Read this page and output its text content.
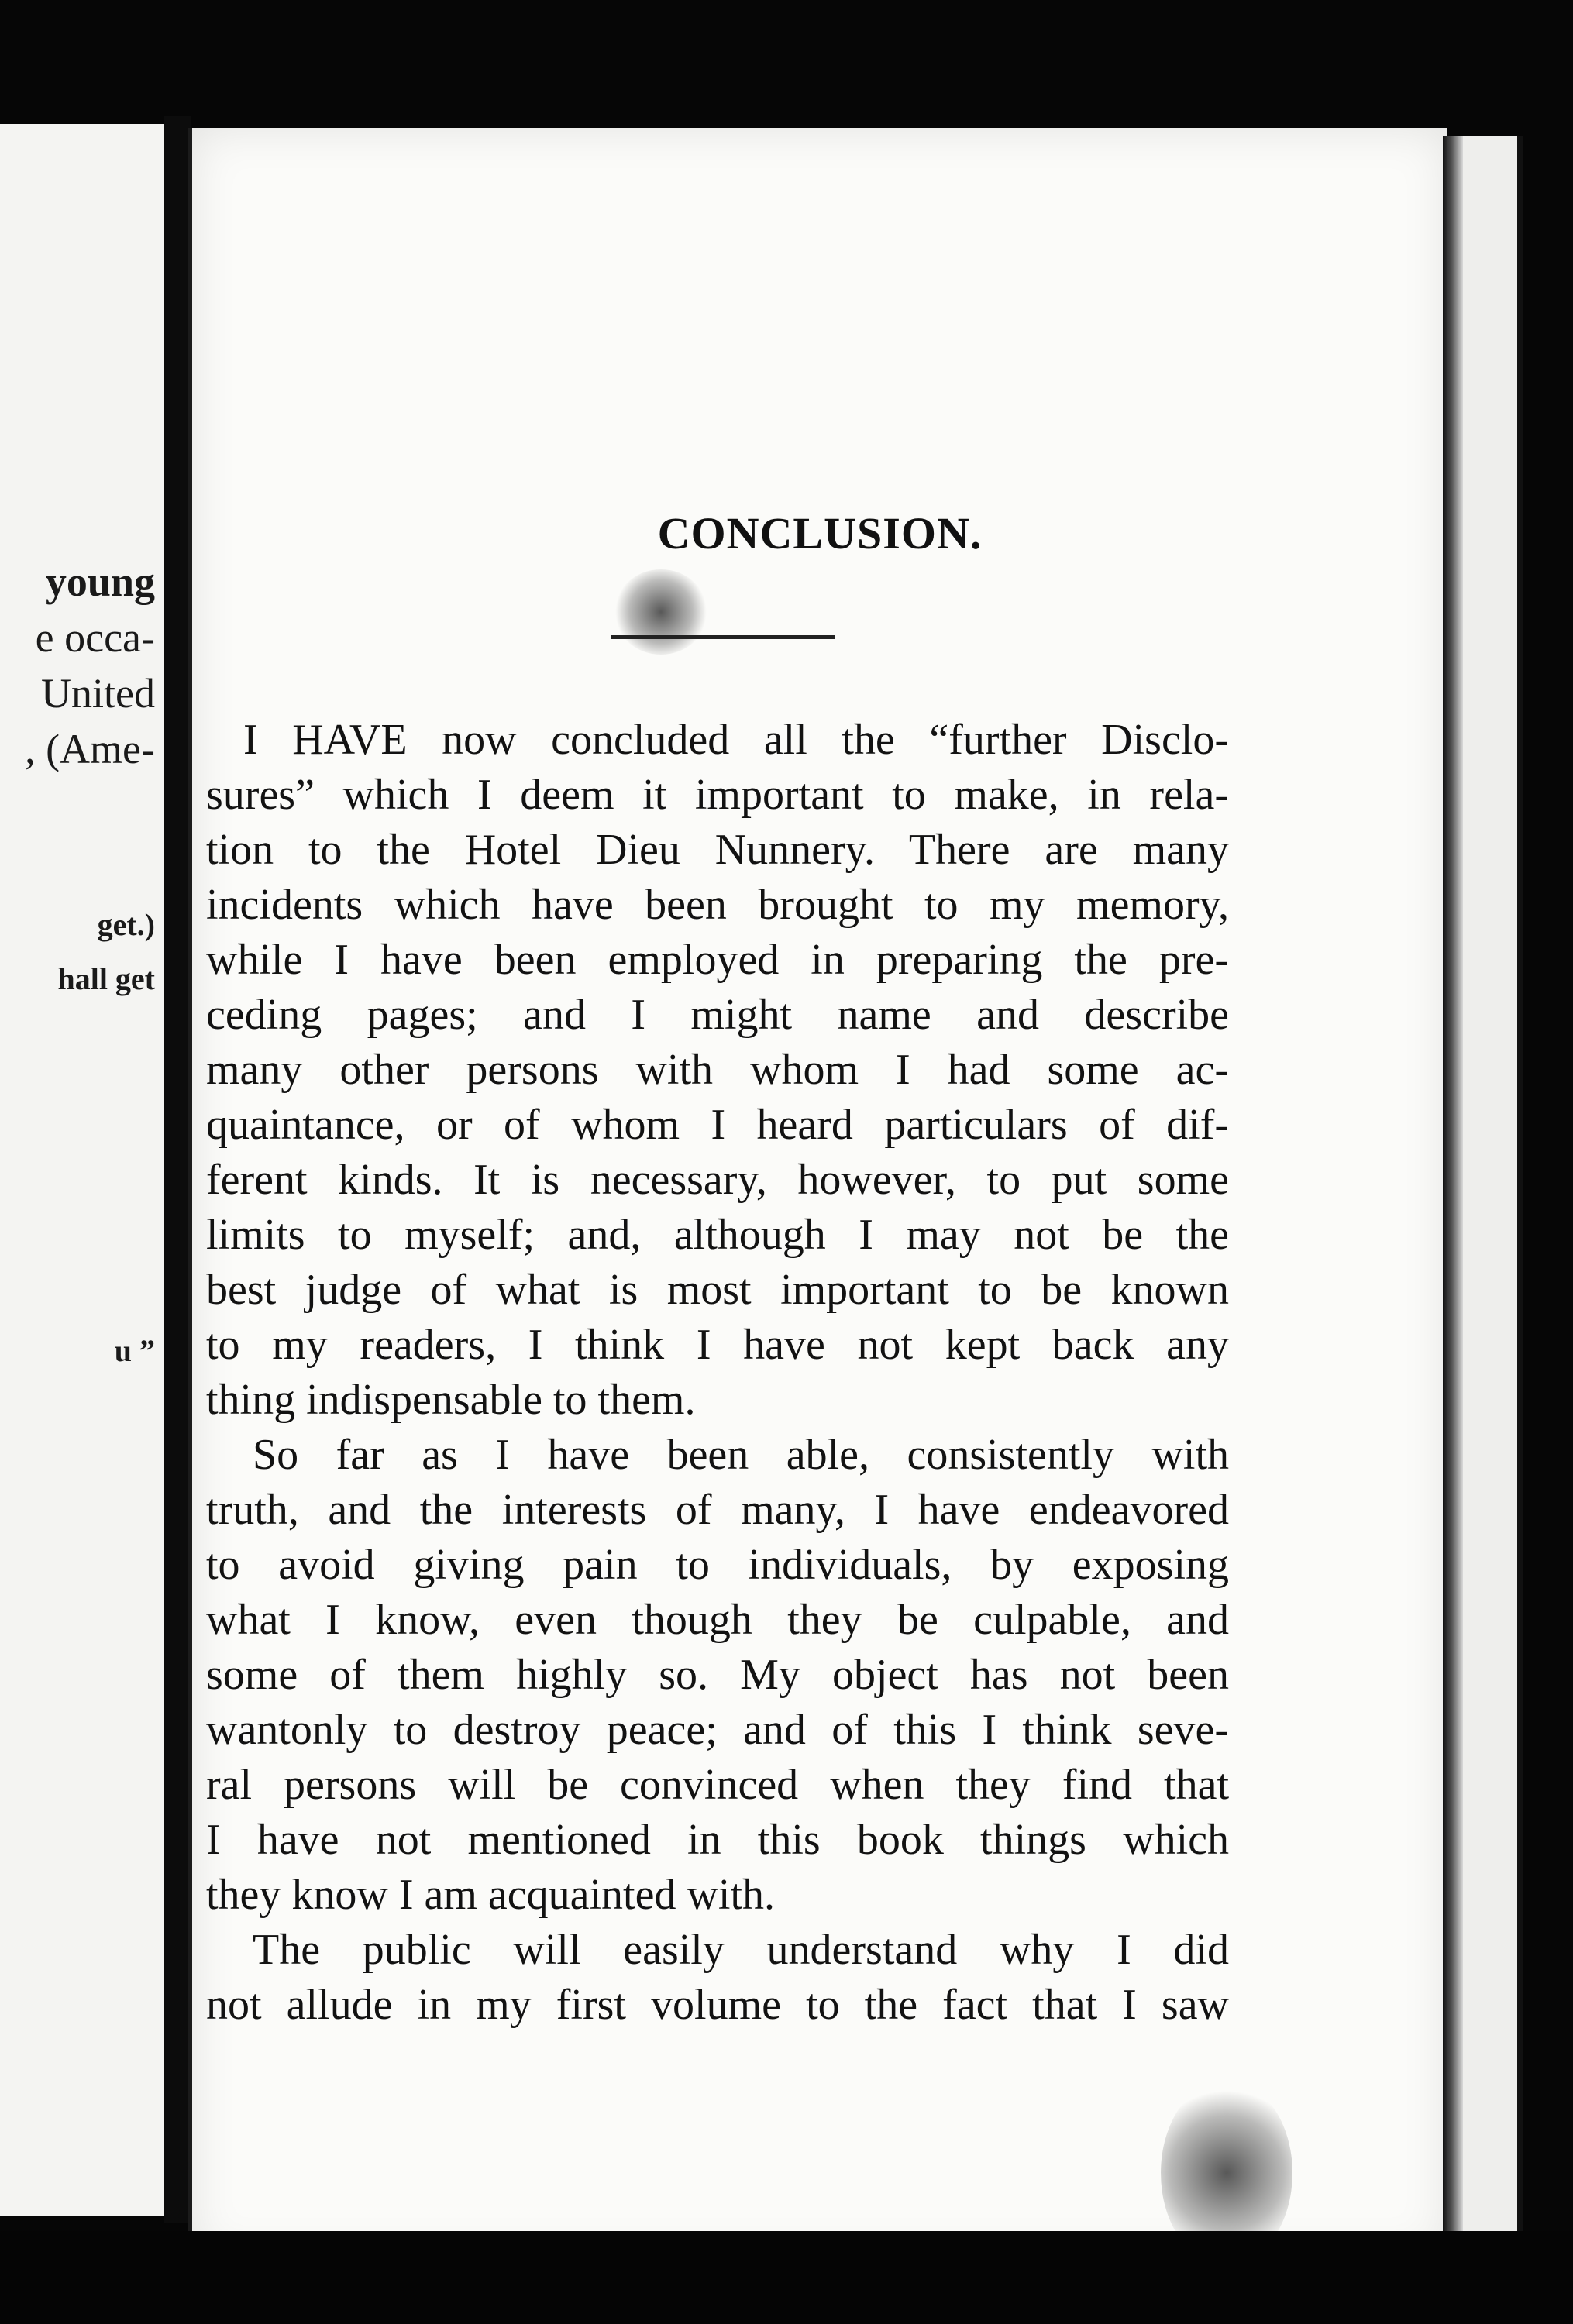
young
e occa-
United
, (Ame-
get.)
hall get
u ”
CONCLUSION.
I HAVE now concluded all the “further Disclo-
sures” which I deem it important to make, in rela-
tion to the Hotel Dieu Nunnery. There are many
incidents which have been brought to my memory,
while I have been employed in preparing the pre-
ceding pages; and I might name and describe
many other persons with whom I had some ac-
quaintance, or of whom I heard particulars of dif-
ferent kinds. It is necessary, however, to put some
limits to myself; and, although I may not be the
best judge of what is most important to be known
to my readers, I think I have not kept back any
thing indispensable to them.
So far as I have been able, consistently with
truth, and the interests of many, I have endeavored
to avoid giving pain to individuals, by exposing
what I know, even though they be culpable, and
some of them highly so. My object has not been
wantonly to destroy peace; and of this I think seve-
ral persons will be convinced when they find that
I have not mentioned in this book things which
they know I am acquainted with.
The public will easily understand why I did
not allude in my first volume to the fact that I saw
